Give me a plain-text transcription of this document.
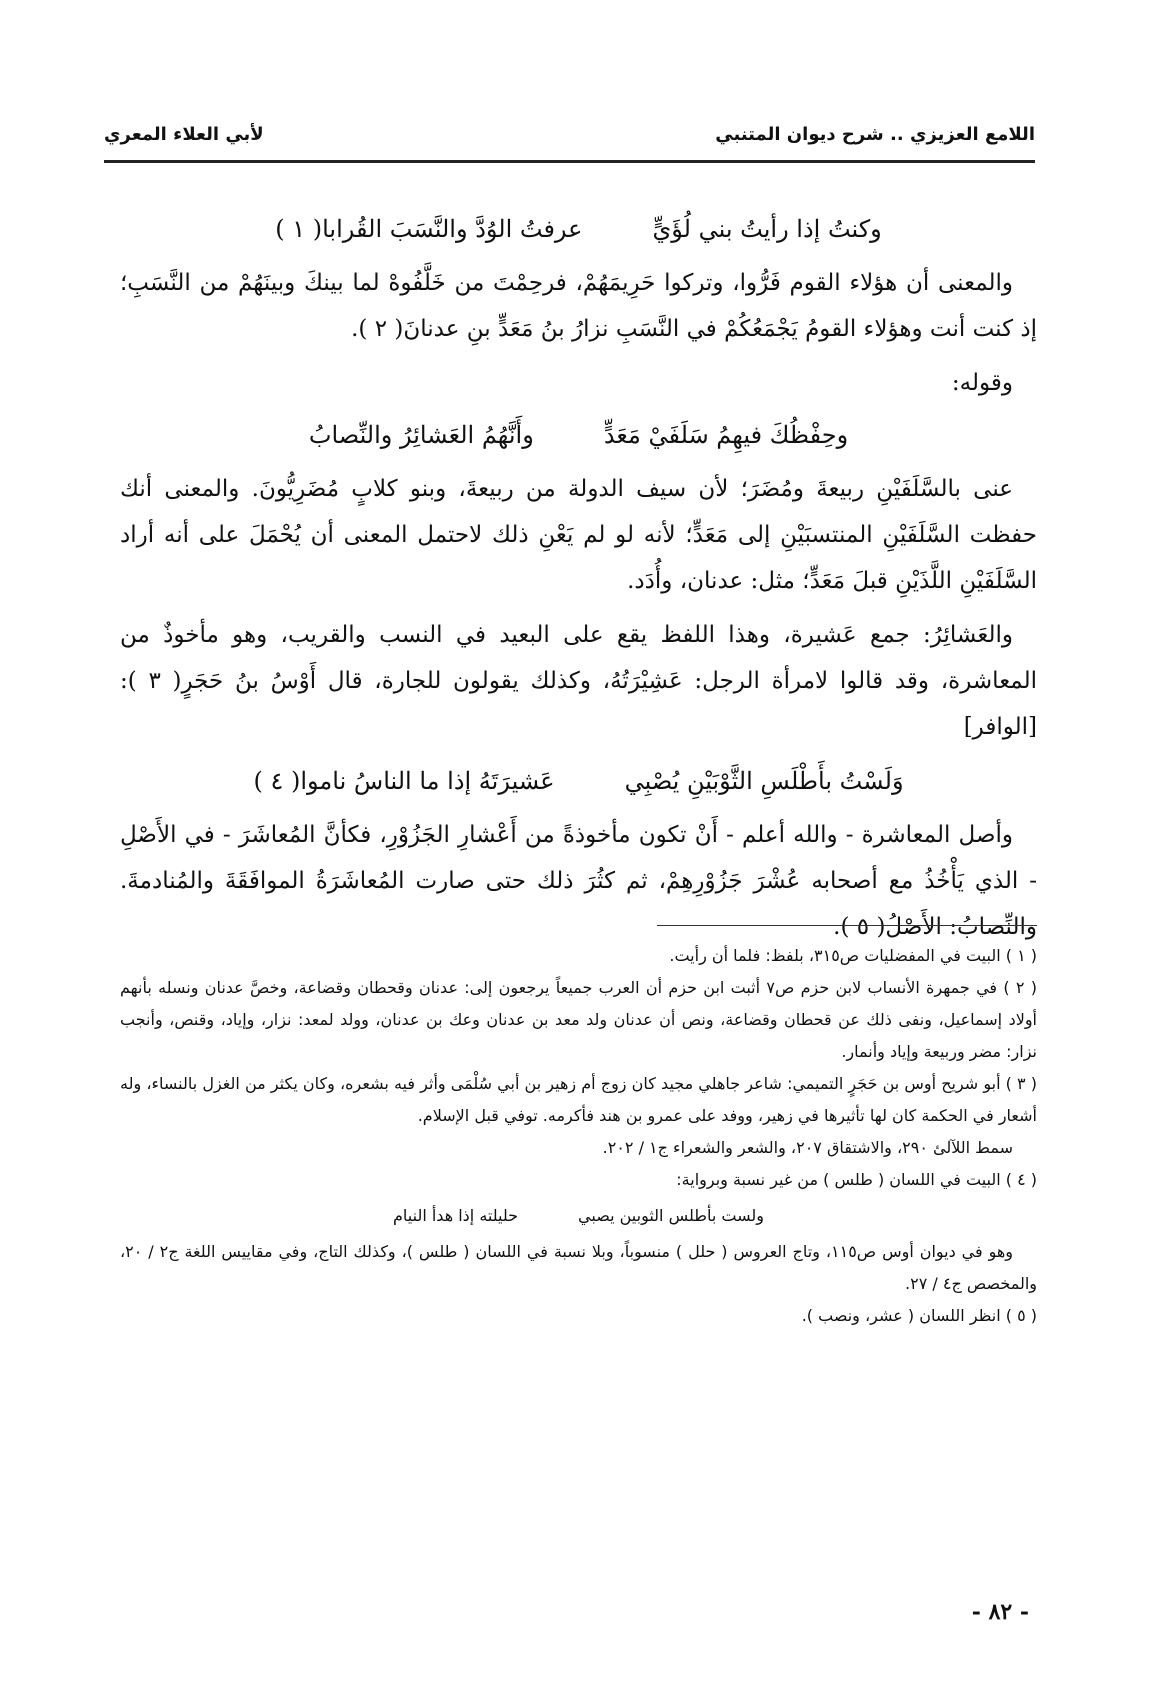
اللامع العزيزي .. شرح ديوان المتنبي
لأبي العلاء المعري
وكنتُ إذا رأيتُ بني لُؤَيٍّ
عرفتُ الوُدَّ والنَّسَبَ القُرابا( ١ )

والمعنى أن هؤلاء القوم فَرُّوا، وتركوا حَرِيمَهُمْ، فرحِمْتَ من خَلَّفُوهْ لما بينكَ وبينَهُمْ من النَّسَبِ؛ إذ كنت أنت وهؤلاء القومُ يَجْمَعُكُمْ في النَّسَبِ نزارُ بنُ مَعَدٍّ بنِ عدنانَ( ٢ ).

وقوله:

وحِفْظُكَ فيهِمُ سَلَفَيْ مَعَدٍّ
وأَنَّهُمُ العَشائِرُ والنِّصابُ

عنى بالسَّلَفَيْنِ ربيعةَ ومُضَرَ؛ لأن سيف الدولة من ربيعةَ، وبنو كلابٍ مُضَرِيُّونَ. والمعنى أنك حفظت السَّلَفَيْنِ المنتسبَيْنِ إلى مَعَدٍّ؛ لأنه لو لم يَعْنِ ذلك لاحتمل المعنى أن يُحْمَلَ على أنه أراد السَّلَفَيْنِ اللَّذَيْنِ قبلَ مَعَدٍّ؛ مثل: عدنان، وأُدَد.

والعَشائِرُ: جمع عَشيرة، وهذا اللفظ يقع على البعيد في النسب والقريب، وهو مأخوذٌ من المعاشرة، وقد قالوا لامرأة الرجل: عَشِيْرَتُهُ، وكذلك يقولون للجارة، قال أَوْسُ بنُ حَجَرٍ( ٣ ): [الوافر]

وَلَسْتُ بأَطْلَسِ الثَّوْبَيْنِ يُصْبِي
عَشيرَتَهُ إذا ما الناسُ ناموا( ٤ )

وأصل المعاشرة - والله أعلم - أَنْ تكون مأخوذةً من أَعْشارِ الجَزُوْرِ، فكأنَّ المُعاشَرَ - في الأَصْلِ - الذي يَأْخُذُ مع أصحابه عُشْرَ جَزُوْرِهِمْ، ثم كثُرَ ذلك حتى صارت المُعاشَرَةُ الموافَقَةَ والمُنادمةَ. والنِّصابُ: الأَصْلُ( ٥ ).

( ١ ) البيت في المفضليات ص٣١٥، بلفظ: فلما أن رأيت.

( ٢ ) في جمهرة الأنساب لابن حزم ص٧ أثبت ابن حزم أن العرب جميعاً يرجعون إلى: عدنان وقحطان وقضاعة، وخصَّ عدنان ونسله بأنهم أولاد إسماعيل، ونفى ذلك عن قحطان وقضاعة، ونص أن عدنان ولد معد بن عدنان وعك بن عدنان، وولد لمعد: نزار، وإياد، وقنص، وأنجب نزار: مضر وربيعة وإياد وأنمار.

( ٣ ) أبو شريح أوس بن حَجَرٍ التميمي: شاعر جاهلي مجيد كان زوج أم زهير بن أبي سُلْمَى وأثر فيه بشعره، وكان يكثر من الغزل بالنساء، وله أشعار في الحكمة كان لها تأثيرها في زهير، ووفد على عمرو بن هند فأكرمه. توفي قبل الإسلام.

سمط اللآلئ ٢٩٠، والاشتقاق ٢٠٧، والشعر والشعراء ج١ / ٢٠٢.

( ٤ ) البيت في اللسان ( طلس ) من غير نسبة وبرواية:

ولست بأطلس الثوبين يصبي
حليلته إذا هدأ النيام

وهو في ديوان أوس ص١١٥، وتاج العروس ( حلل ) منسوباً، وبلا نسبة في اللسان ( طلس )، وكذلك التاج، وفي مقاييس اللغة ج٢ / ٢٠، والمخصص ج٤ / ٢٧.

( ٥ ) انظر اللسان ( عشر، ونصب ).

- ٨٢ -
